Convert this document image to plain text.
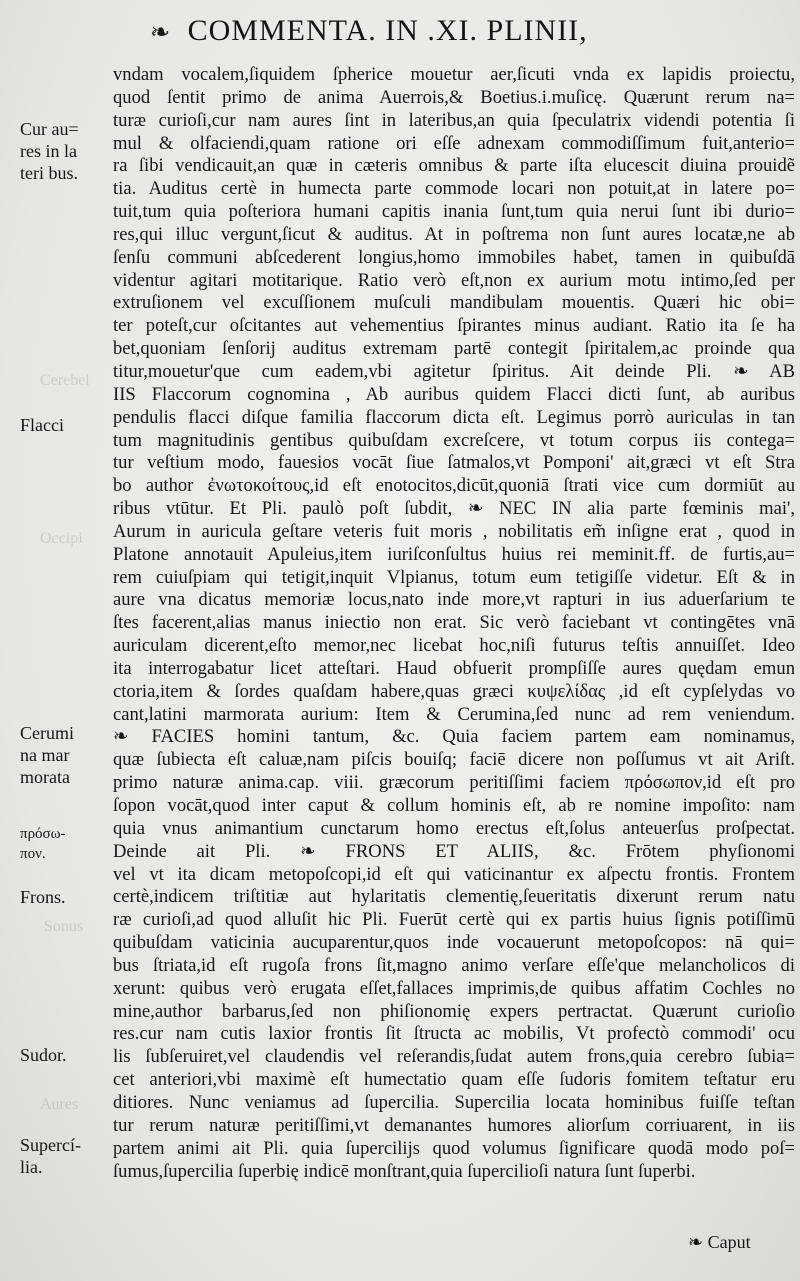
❧ COMMENTA. IN .XI. PLINII,
Cerebel
Occipi
Sonus
Aures
Cur au=
res in la
teri bus.
Flacci
Cerumi
na mar
morata
πρόσω-
πον.
Frons.
Sudor.
Supercí-
lia.
vndam vocalem,ſiquidem ſpherice mouetur aer,ſicuti vnda ex lapidis proiectu,
quod ſentit primo de anima Auerrois,& Boetius.i.muſicę. Quærunt rerum na=
turæ curioſi,cur nam aures ſint in lateribus,an quia ſpeculatrix videndi potentia ſi
mul & olfaciendi,quam ratione ori eſſe adnexam commodiſſimum fuit,anterio=
ra ſibi vendicauit,an quæ in cæteris omnibus & parte iſta elucescit diuina prouidẽ
tia. Auditus certè in humecta parte commode locari non potuit,at in latere po=
tuit,tum quia poſteriora humani capitis inania ſunt,tum quia nerui ſunt ibi durio=
res,qui illuc vergunt,ſicut & auditus. At in poſtrema non ſunt aures locatæ,ne ab
ſenſu communi abſcederent longius,homo immobiles habet, tamen in quibuſdā
videntur agitari motitarique. Ratio verò eſt,non ex aurium motu intimo,ſed per
extruſionem vel excuſſionem muſculi mandibulam mouentis. Quæri hic obi=
ter poteſt,cur oſcitantes aut vehementius ſpirantes minus audiant. Ratio ita ſe ha
bet,quoniam ſenſorij auditus extremam partē contegit ſpiritalem,ac proinde qua
titur,mouetur'que cum eadem,vbi agitetur ſpiritus. Ait deinde Pli. ❧ AB
IIS Flaccorum cognomina , Ab auribus quidem Flacci dicti ſunt, ab auribus
pendulis flacci diſque familia flaccorum dicta eſt. Legimus porrò auriculas in tan
tum magnitudinis gentibus quibuſdam excreſcere, vt totum corpus iis contega=
tur veſtium modo, fauesios vocāt ſiue ſatmalos,vt Pomponi' ait,græci vt eſt Stra
bo author ἐνωτοκοίτους,id eſt enotocitos,dicūt,quoniā ſtrati vice cum dormiūt au
ribus vtūtur. Et Pli. paulò poſt ſubdit, ❧ NEC IN alia parte fœminis mai',
Aurum in auricula geſtare veteris fuit moris , nobilitatis em̃ inſigne erat , quod in
Platone annotauit Apuleius,item iuriſconſultus huius rei meminit.ff. de furtis,au=
rem cuiuſpiam qui tetigit,inquit Vlpianus, totum eum tetigiſſe videtur. Eſt & in
aure vna dicatus memoriæ locus,nato inde more,vt rapturi in ius aduerſarium te
ſtes facerent,alias manus iniectio non erat. Sic verò faciebant vt contingētes vnā
auriculam dicerent,eſto memor,nec licebat hoc,niſi futurus teſtis annuiſſet. Ideo
ita interrogabatur licet atteſtari. Haud obfuerit prompſiſſe aures quędam emun
ctoria,item & ſordes quaſdam habere,quas græci κυψελίδας ,id eſt cypſelydas vo
cant,latini marmorata aurium: Item & Cerumina,ſed nunc ad rem veniendum.
❧ FACIES homini tantum, &c. Quia faciem partem eam nominamus,
quæ ſubiecta eſt caluæ,nam piſcis bouiſq; faciē dicere non poſſumus vt ait Ariſt.
primo naturæ anima.cap. viii. græcorum peritiſſimi faciem πρόσωπον,id eſt pro
ſopon vocāt,quod inter caput & collum hominis eſt, ab re nomine impoſito: nam
quia vnus animantium cunctarum homo erectus eſt,ſolus anteuerſus proſpectat.
Deinde ait Pli. ❧ FRONS ET ALIIS, &c. Frōtem phyſionomi
vel vt ita dicam metopoſcopi,id eſt qui vaticinantur ex aſpectu frontis. Frontem
certè,indicem triſtitiæ aut hylaritatis clementię,ſeueritatis dixerunt rerum natu
ræ curioſi,ad quod alluſit hic Pli. Fuerūt certè qui ex partis huius ſignis potiſſimū
quibuſdam vaticinia aucuparentur,quos inde vocauerunt metopoſcopos: nā qui=
bus ſtriata,id eſt rugoſa frons ſit,magno animo verſare eſſe'que melancholicos di
xerunt: quibus verò erugata eſſet,fallaces imprimis,de quibus affatim Cochles no
mine,author barbarus,ſed non phiſionomię expers pertractat. Quærunt curioſio
res.cur nam cutis laxior frontis ſit ſtructa ac mobilis, Vt profectò commodi' ocu
lis ſubſeruiret,vel claudendis vel reſerandis,ſudat autem frons,quia cerebro ſubia=
cet anteriori,vbi maximè eſt humectatio quam eſſe ſudoris fomitem teſtatur eru
ditiores. Nunc veniamus ad ſupercilia. Supercilia locata hominibus fuiſſe teſtan
tur rerum naturæ peritiſſimi,vt demanantes humores aliorſum corriuarent, in iis
partem animi ait Pli. quia ſupercilijs quod volumus ſignificare quodā modo poſ=
ſumus,ſupercilia ſuperbię indicē monſtrant,quia ſupercilioſi natura ſunt ſuperbi.
❧ Caput
